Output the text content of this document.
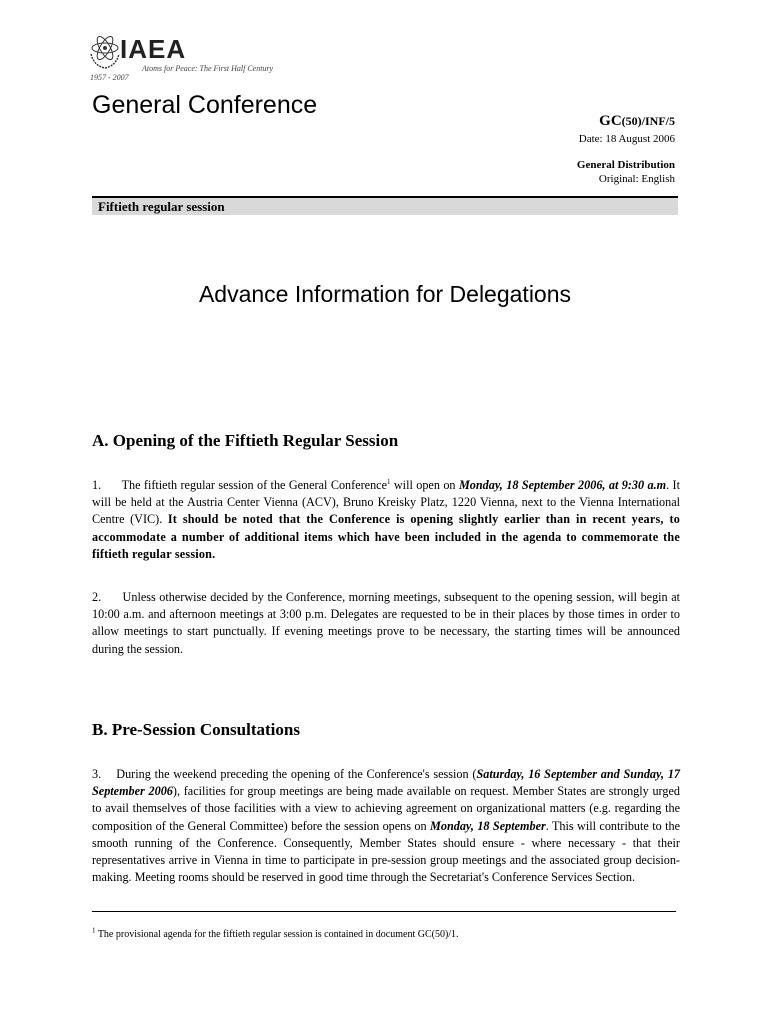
IAEA
Atoms for Peace: The First Half Century
1957 - 2007
General Conference
GC(50)/INF/5
Date: 18 August 2006
General Distribution
Original: English
Fiftieth regular session
Advance Information for Delegations
A. Opening of the Fiftieth Regular Session
1. The fiftieth regular session of the General Conference$^1$ will open on Monday, 18 September 2006, at 9:30 a.m. It will be held at the Austria Center Vienna (ACV), Bruno Kreisky Platz, 1220 Vienna, next to the Vienna International Centre (VIC). It should be noted that the Conference is opening slightly earlier than in recent years, to accommodate a number of additional items which have been included in the agenda to commemorate the fiftieth regular session.
2. Unless otherwise decided by the Conference, morning meetings, subsequent to the opening session, will begin at 10:00 a.m. and afternoon meetings at 3:00 p.m. Delegates are requested to be in their places by those times in order to allow meetings to start punctually. If evening meetings prove to be necessary, the starting times will be announced during the session.
B. Pre-Session Consultations
3. During the weekend preceding the opening of the Conference's session (Saturday, 16 September and Sunday, 17 September 2006), facilities for group meetings are being made available on request. Member States are strongly urged to avail themselves of those facilities with a view to achieving agreement on organizational matters (e.g. regarding the composition of the General Committee) before the session opens on Monday, 18 September. This will contribute to the smooth running of the Conference. Consequently, Member States should ensure - where necessary - that their representatives arrive in Vienna in time to participate in pre-session group meetings and the associated group decision-making. Meeting rooms should be reserved in good time through the Secretariat's Conference Services Section.
$^1$ The provisional agenda for the fiftieth regular session is contained in document GC(50)/1.
